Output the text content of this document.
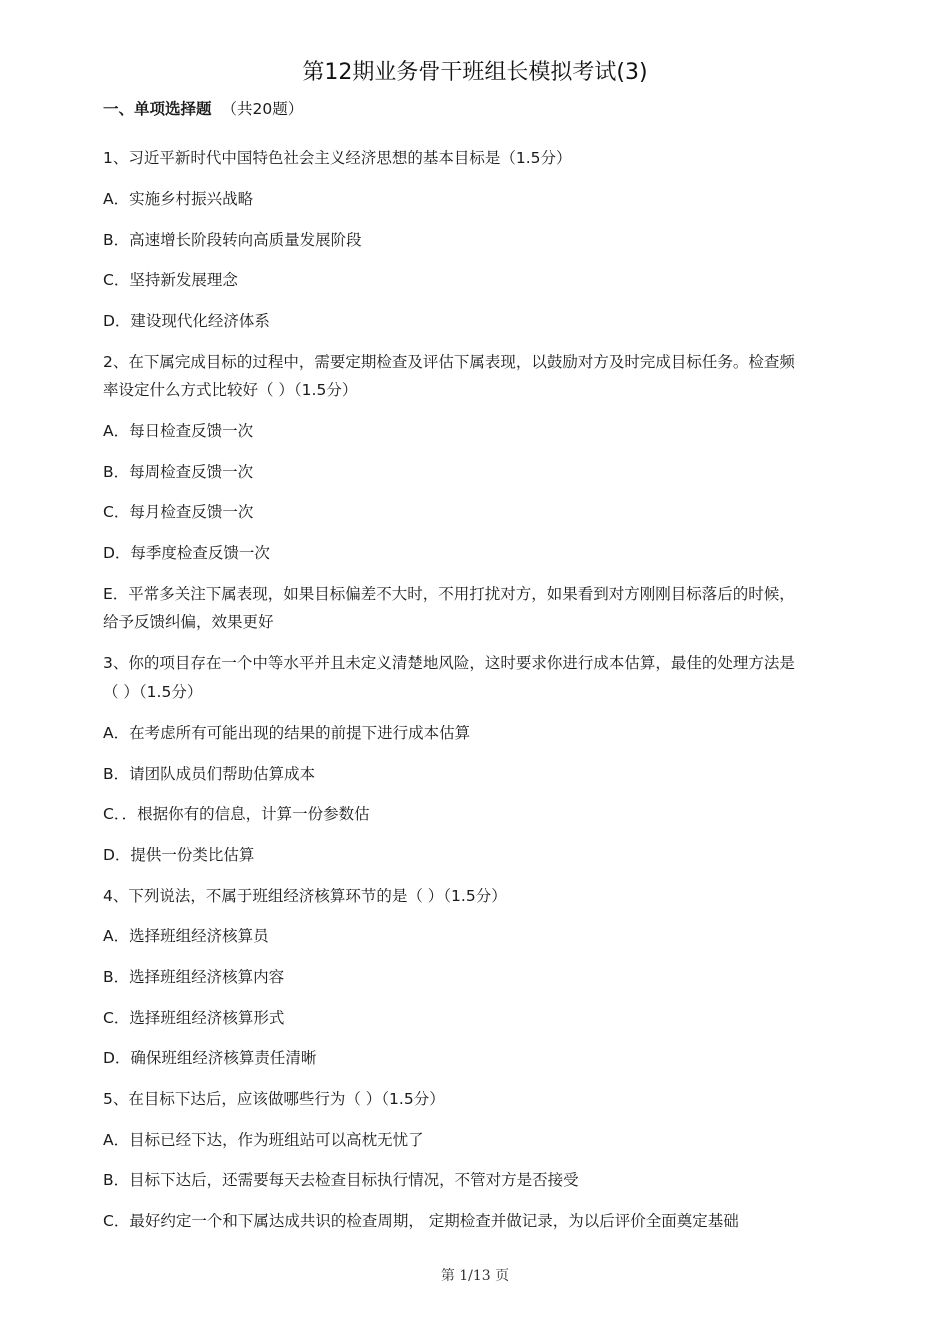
第12期业务骨干班组长模拟考试(3)
一、单项选择题 （共20题）
1、习近平新时代中国特色社会主义经济思想的基本目标是（1.5分）
A．实施乡村振兴战略
B．高速增长阶段转向高质量发展阶段
C．坚持新发展理念
D．建设现代化经济体系
2、在下属完成目标的过程中，需要定期检查及评估下属表现，以鼓励对方及时完成目标任务。检查频
率设定什么方式比较好（ ）（1.5分）
A．每日检查反馈一次
B．每周检查反馈一次
C．每月检查反馈一次
D．每季度检查反馈一次
E．平常多关注下属表现，如果目标偏差不大时，不用打扰对方，如果看到对方刚刚目标落后的时候，
给予反馈纠偏，效果更好
3、你的项目存在一个中等水平并且未定义清楚地风险，这时要求你进行成本估算，最佳的处理方法是
（ ）（1.5分）
A．在考虑所有可能出现的结果的前提下进行成本估算
B．请团队成员们帮助估算成本
C．．根据你有的信息，计算一份参数估
D．提供一份类比估算
4、下列说法，不属于班组经济核算环节的是（ ）（1.5分）
A．选择班组经济核算员
B．选择班组经济核算内容
C．选择班组经济核算形式
D．确保班组经济核算责任清晰
5、在目标下达后，应该做哪些行为（ ）（1.5分）
A．目标已经下达，作为班组站可以高枕无忧了
B．目标下达后，还需要每天去检查目标执行情况，不管对方是否接受
C．最好约定一个和下属达成共识的检查周期， 定期检查并做记录，为以后评价全面奠定基础
第 1/13 页
